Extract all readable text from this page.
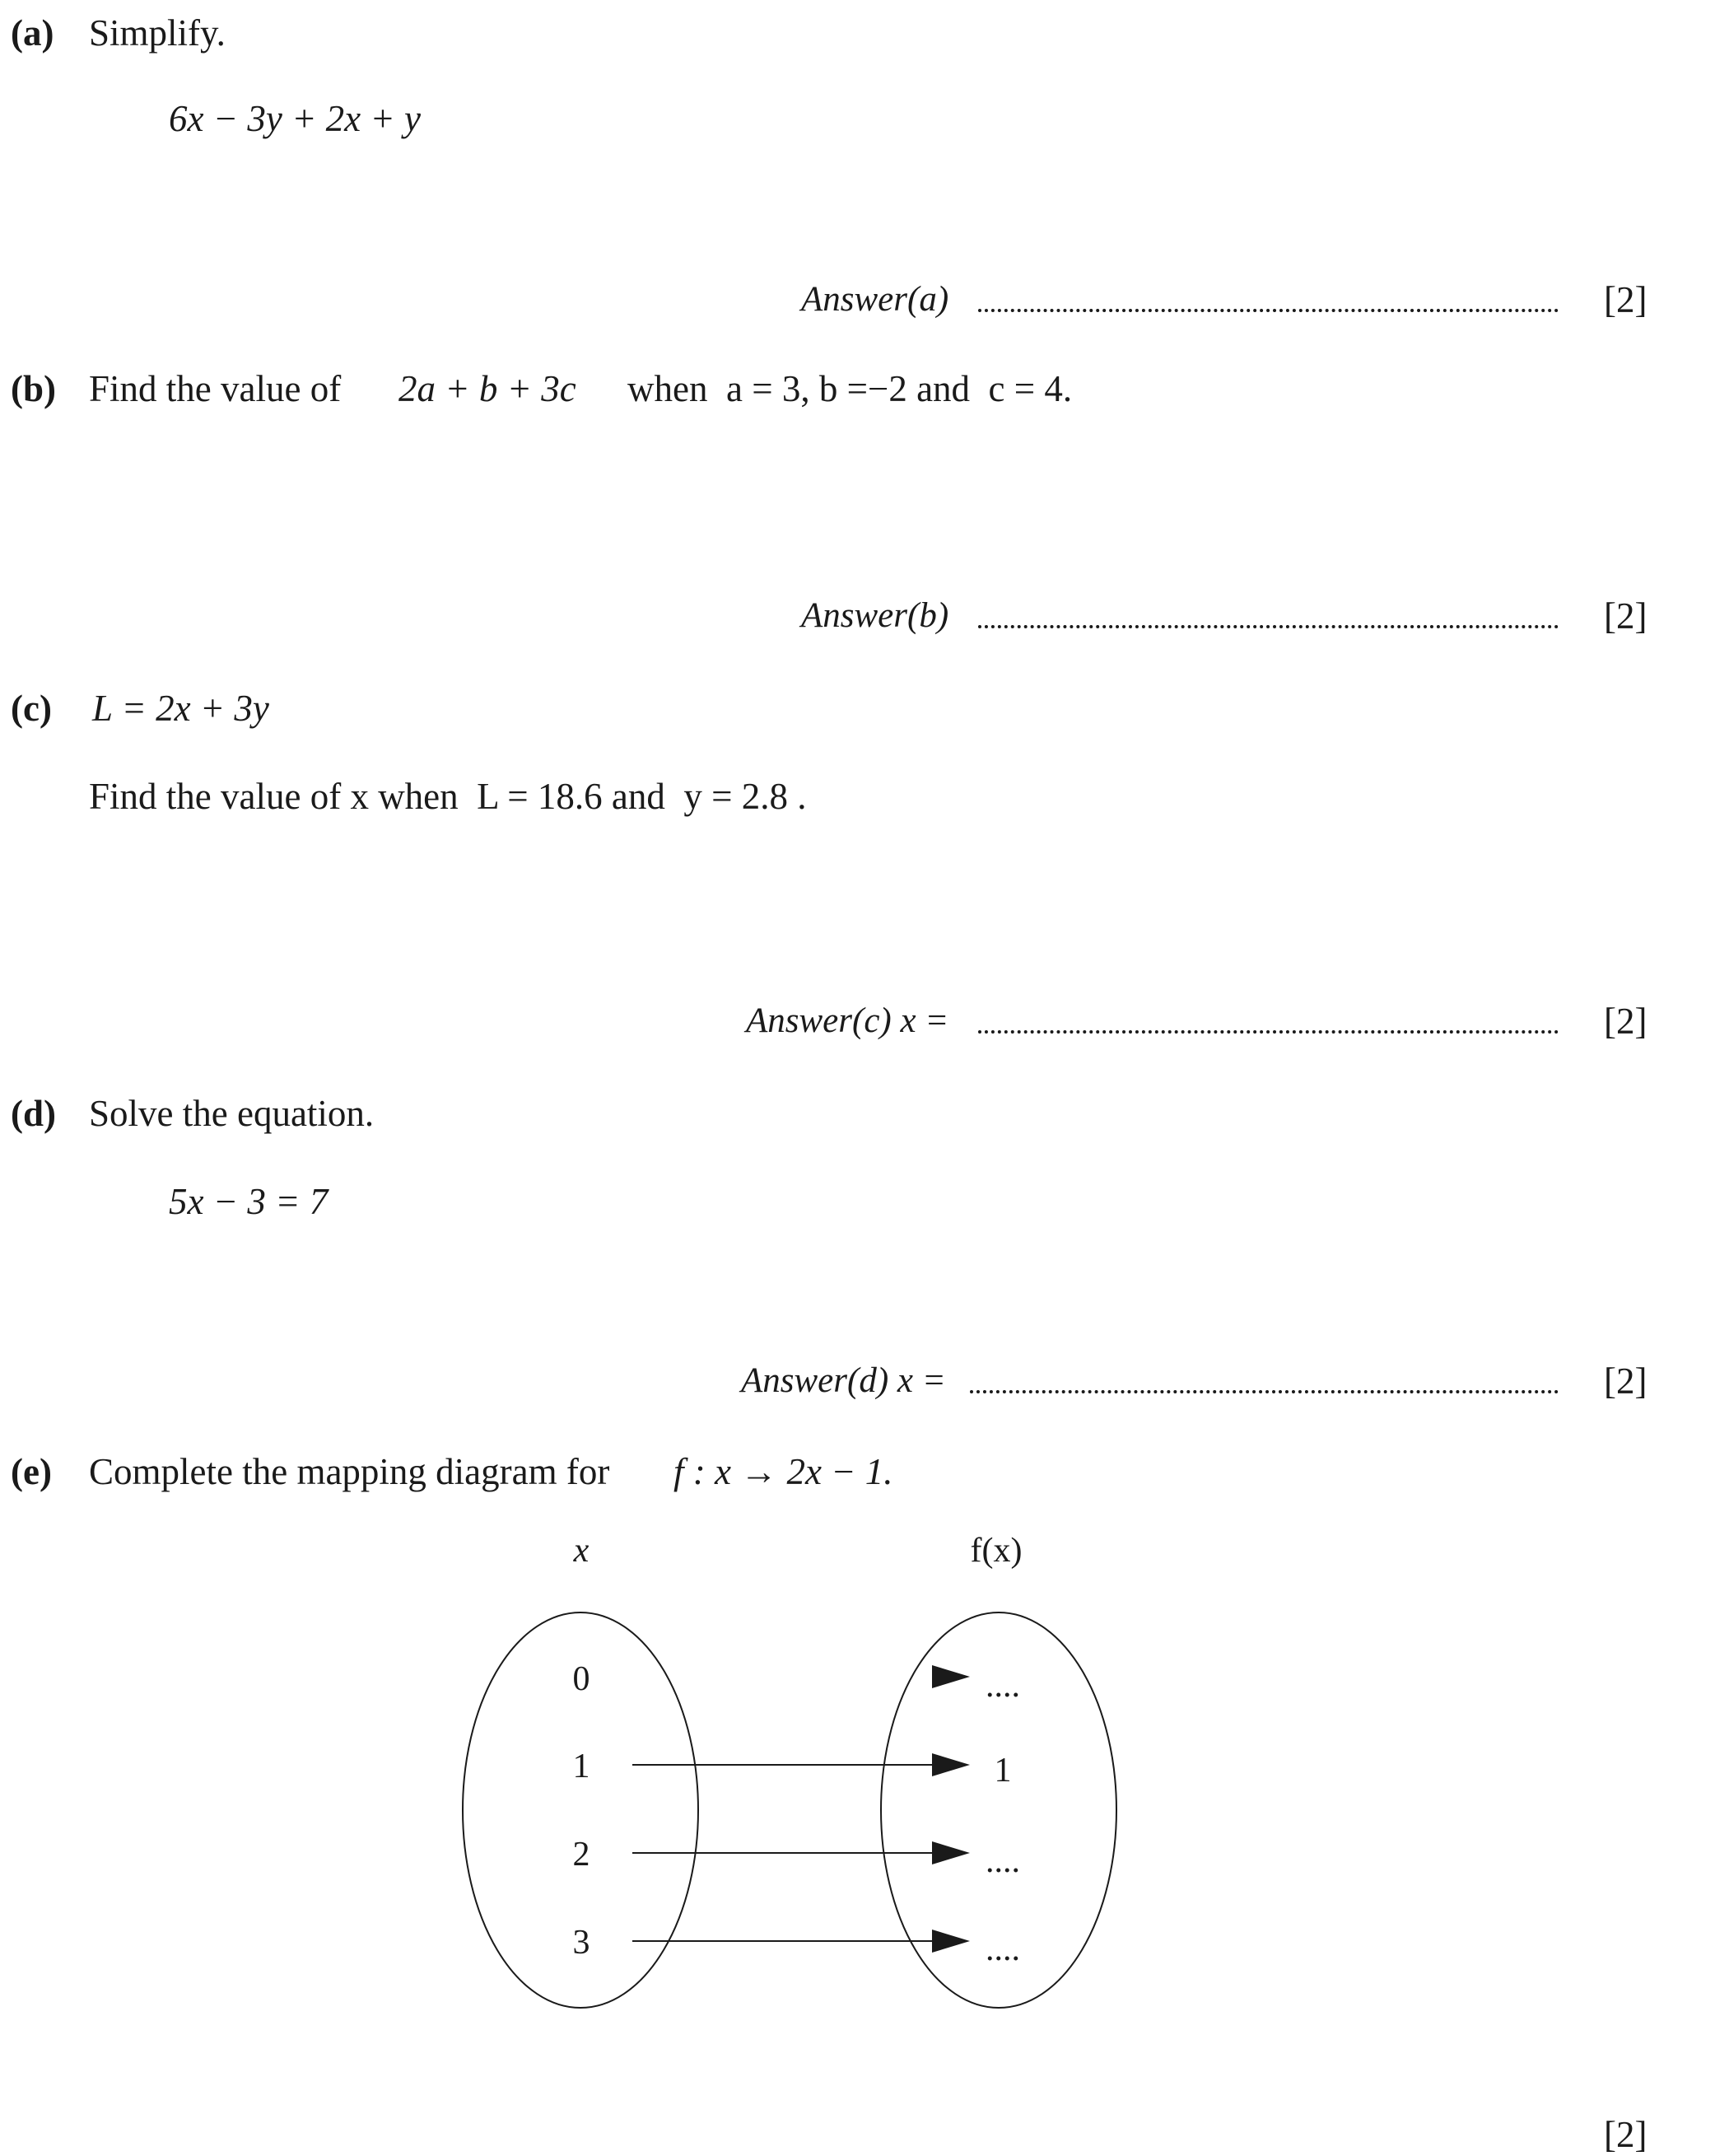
(a) Simplify.
6x − 3y + 2x + y
Answer(a)	[2]
(b) Find the value of 2a + b + 3c when  a = 3, b =−2 and  c = 4.
Answer(b)	[2]
(c) L = 2x + 3y
Find the value of x when  L = 18.6 and  y = 2.8 .
Answer(c) x =	[2]
(d) Solve the equation.
5x − 3 = 7
Answer(d) x =	[2]
(e) Complete the mapping diagram for f : x → 2x − 1.
x	f(x)
0
1
2
3
....
1
....
....
[2]
